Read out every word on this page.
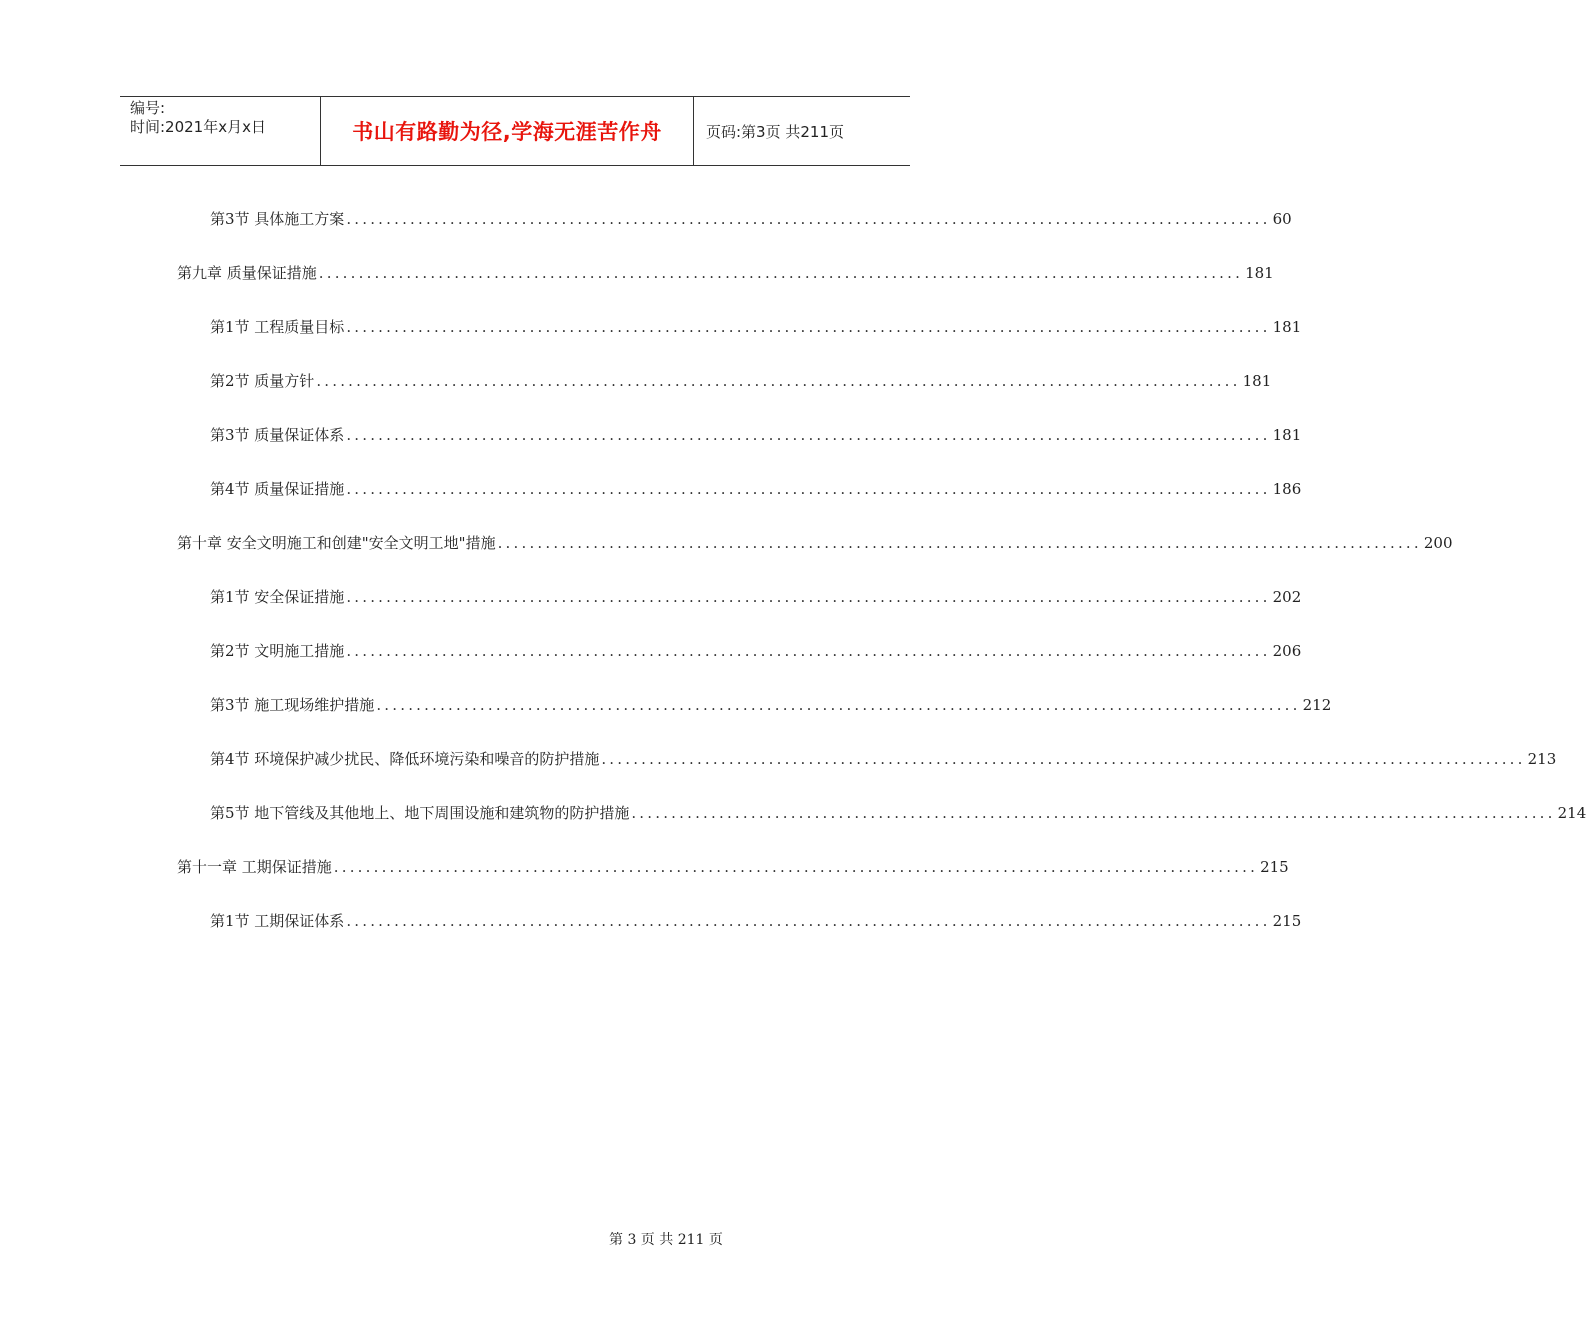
编号:
时间:2021年x月x日	书山有路勤为径,学海无涯苦作舟	页码:第3页 共211页
第3节 具体施工方案 .................................................................................................................... 60
第九章 质量保证措施 .................................................................................................................... 181
第1节 工程质量目标 .................................................................................................................... 181
第2节 质量方针 .................................................................................................................... 181
第3节 质量保证体系 .................................................................................................................... 181
第4节 质量保证措施 .................................................................................................................... 186
第十章 安全文明施工和创建"安全文明工地"措施 .................................................................................................................... 200
第1节 安全保证措施 .................................................................................................................... 202
第2节 文明施工措施 .................................................................................................................... 206
第3节 施工现场维护措施 .................................................................................................................... 212
第4节 环境保护减少扰民、降低环境污染和噪音的防护措施 .................................................................................................................... 213
第5节 地下管线及其他地上、地下周围设施和建筑物的防护措施 .................................................................................................................... 214
第十一章 工期保证措施 .................................................................................................................... 215
第1节 工期保证体系 .................................................................................................................... 215
第 3 页 共 211 页
